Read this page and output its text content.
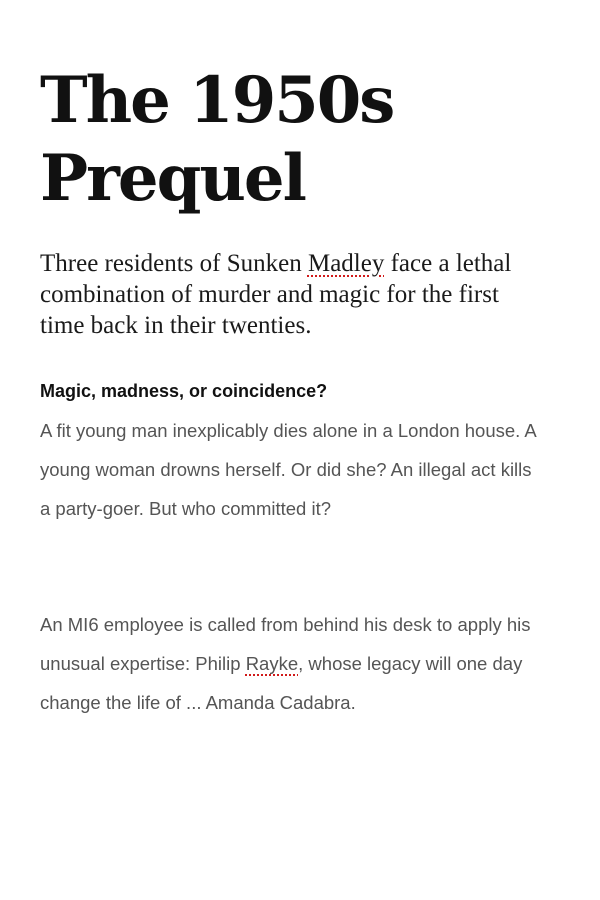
The 1950s
Prequel

Three residents of Sunken Madley face a lethal combination of murder and magic for the first time back in their twenties.

Magic, madness, or coincidence?

A fit young man inexplicably dies alone in a London house. A young woman drowns herself. Or did she? An illegal act kills a party-goer. But who committed it?

An MI6 employee is called from behind his desk to apply his unusual expertise: Philip Rayke, whose legacy will one day change the life of ... Amanda Cadabra.
